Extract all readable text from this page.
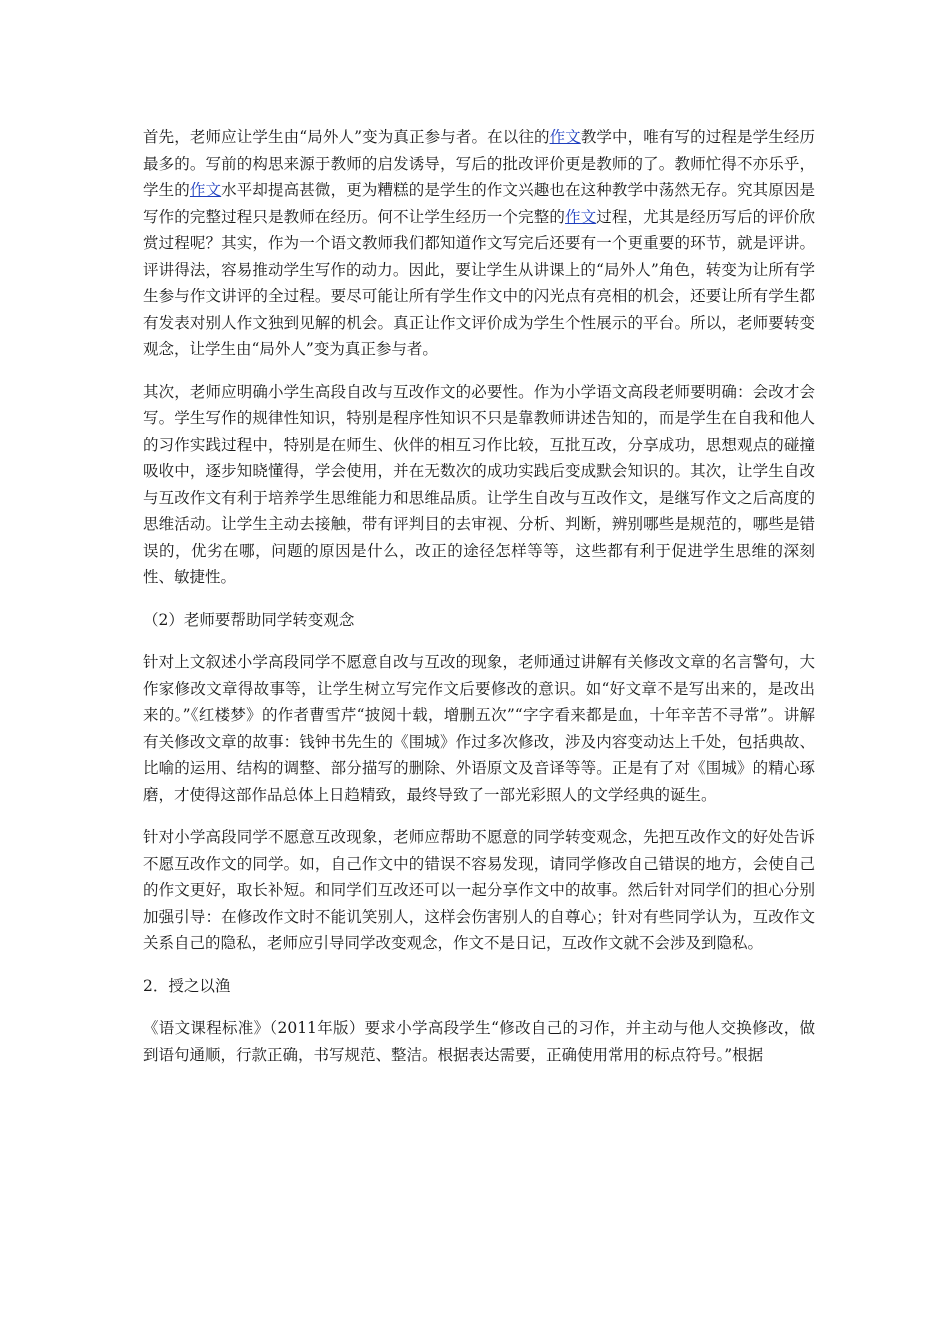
首先，老师应让学生由“局外人”变为真正参与者。在以往的作文教学中，唯有写的过程是学生经历最多的。写前的构思来源于教师的启发诱导，写后的批改评价更是教师的了。教师忙得不亦乐乎，学生的作文水平却提高甚微，更为糟糕的是学生的作文兴趣也在这种教学中荡然无存。究其原因是写作的完整过程只是教师在经历。何不让学生经历一个完整的作文过程，尤其是经历写后的评价欣赏过程呢？其实，作为一个语文教师我们都知道作文写完后还要有一个更重要的环节，就是评讲。评讲得法，容易推动学生写作的动力。因此，要让学生从讲课上的“局外人”角色，转变为让所有学生参与作文讲评的全过程。要尽可能让所有学生作文中的闪光点有亮相的机会，还要让所有学生都有发表对别人作文独到见解的机会。真正让作文评价成为学生个性展示的平台。所以，老师要转变观念，让学生由“局外人”变为真正参与者。

其次，老师应明确小学生高段自改与互改作文的必要性。作为小学语文高段老师要明确：会改才会写。学生写作的规律性知识，特别是程序性知识不只是靠教师讲述告知的，而是学生在自我和他人的习作实践过程中，特别是在师生、伙伴的相互习作比较，互批互改，分享成功，思想观点的碰撞吸收中，逐步知晓懂得，学会使用，并在无数次的成功实践后变成默会知识的。其次，让学生自改与互改作文有利于培养学生思维能力和思维品质。让学生自改与互改作文，是继写作文之后高度的思维活动。让学生主动去接触，带有评判目的去审视、分析、判断，辨别哪些是规范的，哪些是错误的，优劣在哪，问题的原因是什么，改正的途径怎样等等，这些都有利于促进学生思维的深刻性、敏捷性。

（2）老师要帮助同学转变观念

针对上文叙述小学高段同学不愿意自改与互改的现象，老师通过讲解有关修改文章的名言警句，大作家修改文章得故事等，让学生树立写完作文后要修改的意识。如“好文章不是写出来的，是改出来的。”《红楼梦》的作者曹雪芹“披阅十载，增删五次”“字字看来都是血，十年辛苦不寻常”。讲解有关修改文章的故事：钱钟书先生的《围城》作过多次修改，涉及内容变动达上千处，包括典故、比喻的运用、结构的调整、部分描写的删除、外语原文及音译等等。正是有了对《围城》的精心琢磨，才使得这部作品总体上日趋精致，最终导致了一部光彩照人的文学经典的诞生。

针对小学高段同学不愿意互改现象，老师应帮助不愿意的同学转变观念，先把互改作文的好处告诉不愿互改作文的同学。如，自己作文中的错误不容易发现，请同学修改自己错误的地方，会使自己的作文更好，取长补短。和同学们互改还可以一起分享作文中的故事。然后针对同学们的担心分别加强引导：在修改作文时不能讥笑别人，这样会伤害别人的自尊心；针对有些同学认为，互改作文关系自己的隐私，老师应引导同学改变观念，作文不是日记，互改作文就不会涉及到隐私。

2．授之以渔

《语文课程标准》（2011年版）要求小学高段学生“修改自己的习作，并主动与他人交换修改，做到语句通顺，行款正确，书写规范、整洁。根据表达需要，正确使用常用的标点符号。”根据
